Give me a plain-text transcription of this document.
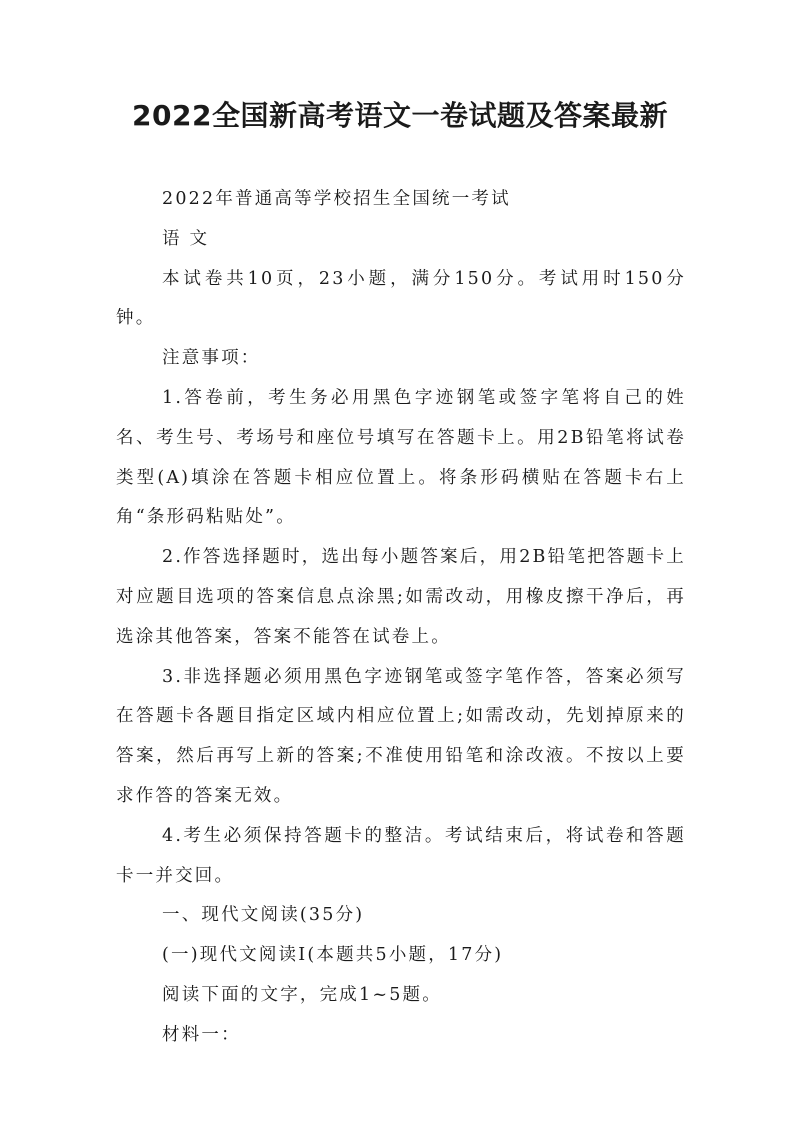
2022全国新高考语文一卷试题及答案最新

2022年普通高等学校招生全国统一考试

语 文

本试卷共10页，23小题，满分150分。考试用时150分钟。

注意事项：

1.答卷前，考生务必用黑色字迹钢笔或签字笔将自己的姓名、考生号、考场号和座位号填写在答题卡上。用2B铅笔将试卷类型(A)填涂在答题卡相应位置上。将条形码横贴在答题卡右上角“条形码粘贴处”。

2.作答选择题时，选出每小题答案后，用2B铅笔把答题卡上对应题目选项的答案信息点涂黑;如需改动，用橡皮擦干净后，再选涂其他答案，答案不能答在试卷上。

3.非选择题必须用黑色字迹钢笔或签字笔作答，答案必须写在答题卡各题目指定区域内相应位置上;如需改动，先划掉原来的答案，然后再写上新的答案;不准使用铅笔和涂改液。不按以上要求作答的答案无效。

4.考生必须保持答题卡的整洁。考试结束后，将试卷和答题卡一并交回。

一、现代文阅读(35分)

(一)现代文阅读Ⅰ(本题共5小题，17分)

阅读下面的文字，完成1~5题。

材料一：
